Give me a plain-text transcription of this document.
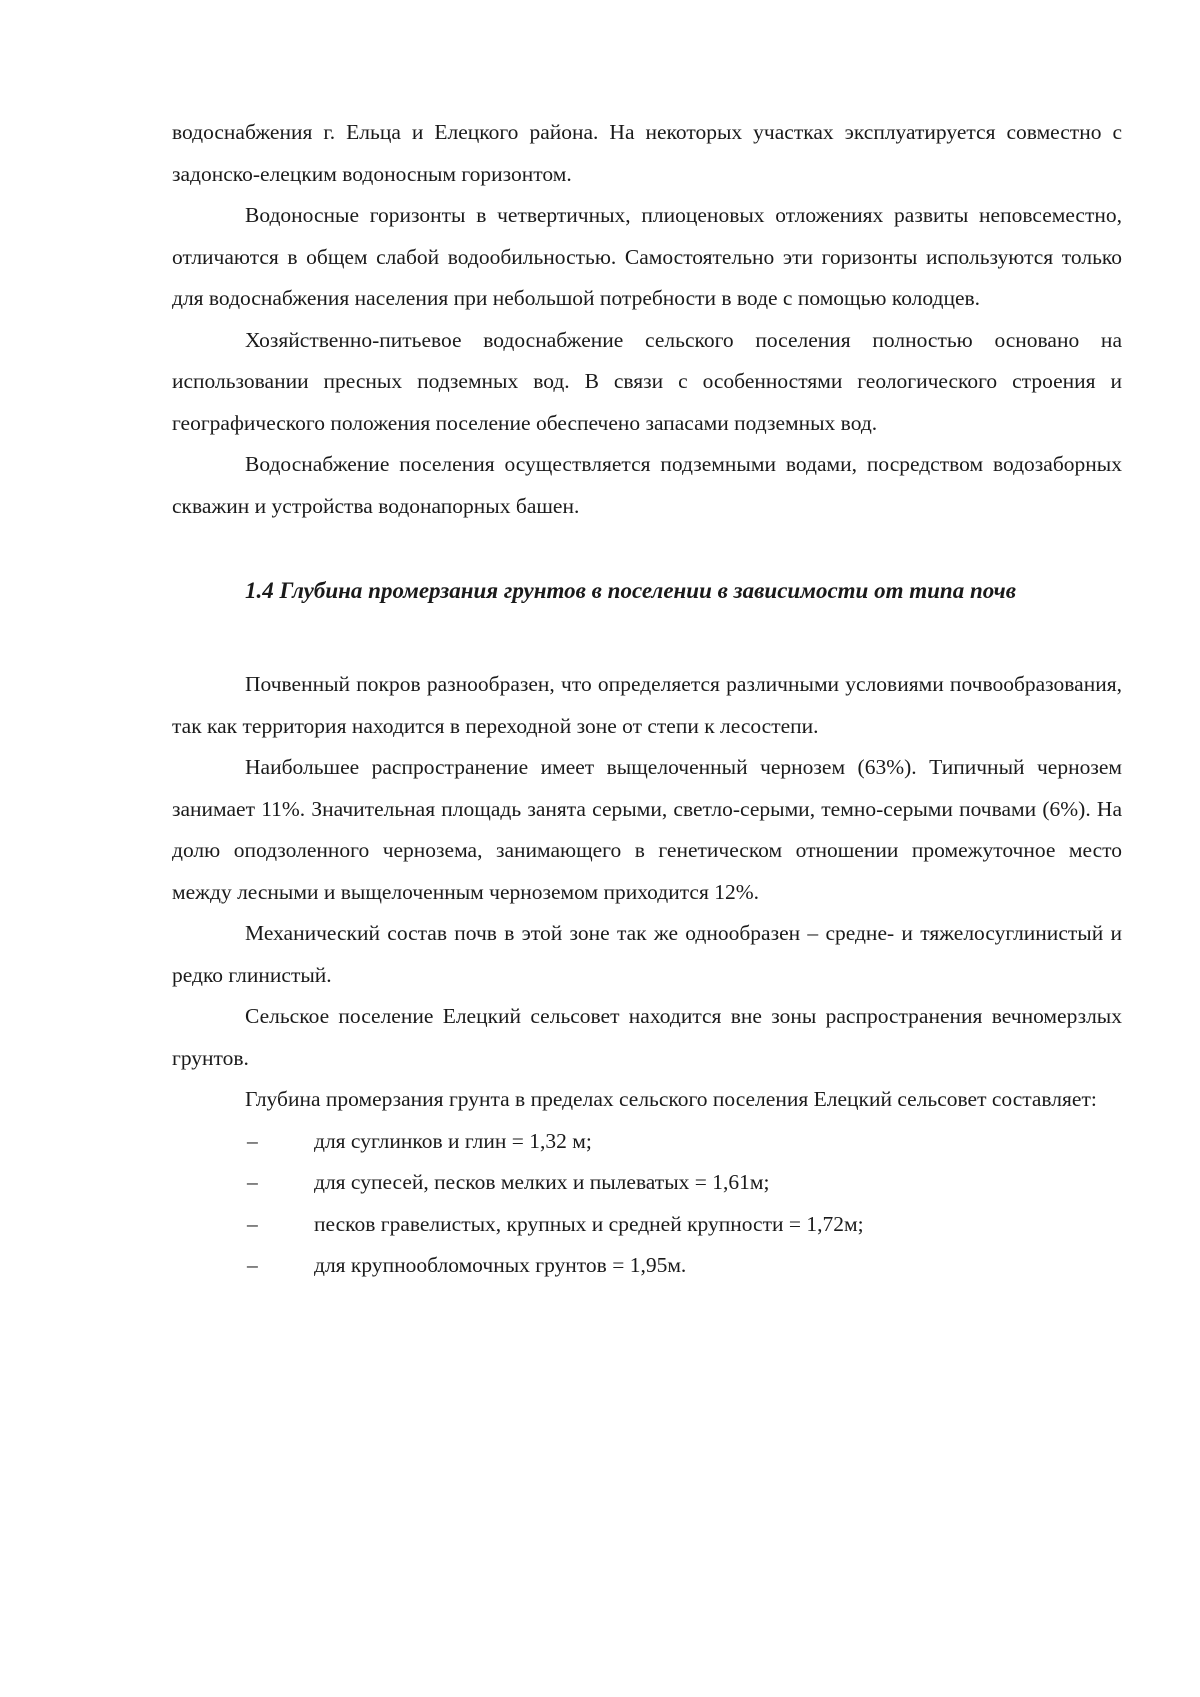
водоснабжения г. Ельца и Елецкого района. На некоторых участках эксплуатируется совместно с задонско-елецким водоносным горизонтом.

Водоносные горизонты в четвертичных, плиоценовых отложениях развиты неповсеместно, отличаются в общем слабой водообильностью. Самостоятельно эти горизонты используются только для водоснабжения населения при небольшой потребности в воде с помощью колодцев.

Хозяйственно-питьевое водоснабжение сельского поселения полностью основано на использовании пресных подземных вод. В связи с особенностями геологического строения и географического положения поселение обеспечено запасами подземных вод.

Водоснабжение поселения осуществляется подземными водами, посредством водозаборных скважин и устройства водонапорных башен.

1.4 Глубина промерзания грунтов в поселении в зависимости от типа почв

Почвенный покров разнообразен, что определяется различными условиями почвообразования, так как территория находится в переходной зоне от степи к лесостепи.

Наибольшее распространение имеет выщелоченный чернозем (63%). Типичный чернозем занимает 11%. Значительная площадь занята серыми, светло-серыми, темно-серыми почвами (6%). На долю оподзоленного чернозема, занимающего в генетическом отношении промежуточное место между лесными и выщелоченным черноземом приходится 12%.

Механический состав почв в этой зоне так же однообразен – средне- и тяжелосуглинистый и редко глинистый.

Сельское поселение Елецкий сельсовет находится вне зоны распространения вечномерзлых грунтов.

Глубина промерзания грунта в пределах сельского поселения Елецкий сельсовет составляет:

–	для суглинков и глин = 1,32 м;
–	для супесей, песков мелких и пылеватых = 1,61м;
–	песков гравелистых, крупных и средней крупности = 1,72м;
–	для крупнообломочных грунтов = 1,95м.
